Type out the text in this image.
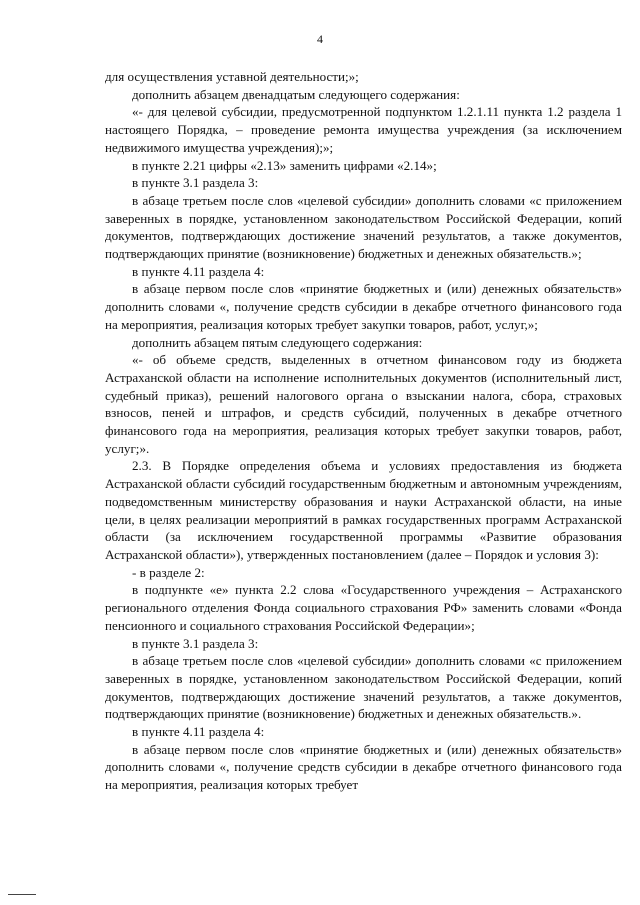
4

для осуществления уставной деятельности;»;

дополнить абзацем двенадцатым следующего содержания:

«- для целевой субсидии, предусмотренной подпунктом 1.2.1.11 пункта 1.2 раздела 1 настоящего Порядка, – проведение ремонта имущества учреждения (за исключением недвижимого имущества учреждения);»;

в пункте 2.21 цифры «2.13» заменить цифрами «2.14»;

в пункте 3.1 раздела 3:

в абзаце третьем после слов «целевой субсидии» дополнить словами «с приложением заверенных в порядке, установленном законодательством Российской Федерации, копий документов, подтверждающих достижение значений результатов, а также документов, подтверждающих принятие (возникновение) бюджетных и денежных обязательств.»;

в пункте 4.11 раздела 4:

в абзаце первом после слов «принятие бюджетных и (или) денежных обязательств» дополнить словами «, получение средств субсидии в декабре отчетного финансового года на мероприятия, реализация которых требует закупки товаров, работ, услуг,»;

дополнить абзацем пятым следующего содержания:

«- об объеме средств, выделенных в отчетном финансовом году из бюджета Астраханской области на исполнение исполнительных документов (исполнительный лист, судебный приказ), решений налогового органа о взыскании налога, сбора, страховых взносов, пеней и штрафов, и средств субсидий, полученных в декабре отчетного финансового года на мероприятия, реализация которых требует закупки товаров, работ, услуг;».

2.3. В Порядке определения объема и условиях предоставления из бюджета Астраханской области субсидий государственным бюджетным и автономным учреждениям, подведомственным министерству образования и науки Астраханской области, на иные цели, в целях реализации мероприятий в рамках государственных программ Астраханской области (за исключением государственной программы «Развитие образования Астраханской области»), утвержденных постановлением (далее – Порядок и условия 3):

- в разделе 2:

в подпункте «е» пункта 2.2 слова «Государственного учреждения – Астраханского регионального отделения Фонда социального страхования РФ» заменить словами «Фонда пенсионного и социального страхования Российской Федерации»;

в пункте 3.1 раздела 3:

в абзаце третьем после слов «целевой субсидии» дополнить словами «с приложением заверенных в порядке, установленном законодательством Российской Федерации, копий документов, подтверждающих достижение значений результатов, а также документов, подтверждающих принятие (возникновение) бюджетных и денежных обязательств.».

в пункте 4.11 раздела 4:

в абзаце первом после слов «принятие бюджетных и (или) денежных обязательств» дополнить словами «, получение средств субсидии в декабре отчетного финансового года на мероприятия, реализация которых требует
